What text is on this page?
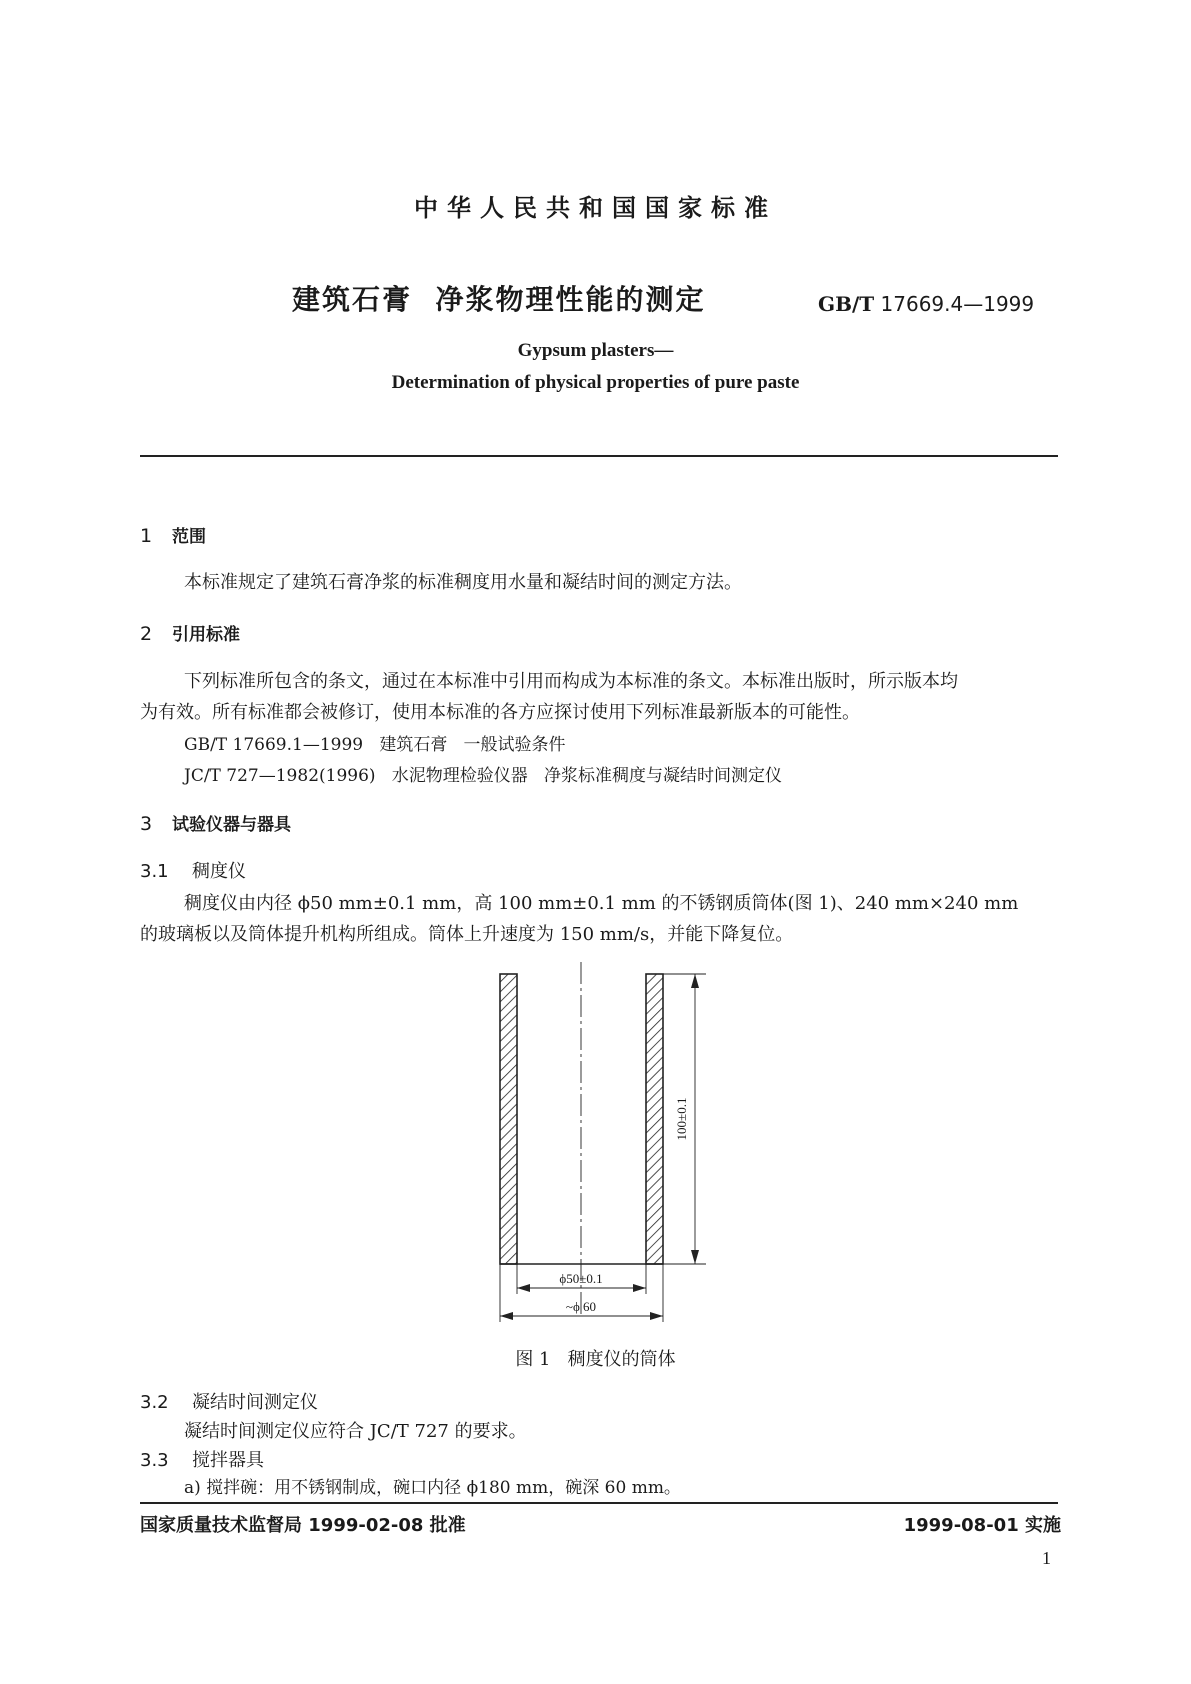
中华人民共和国国家标准
建筑石膏  净浆物理性能的测定	GB/T 17669.4—1999
Gypsum plasters—
Determination of physical properties of pure paste
1 范围
本标准规定了建筑石膏净浆的标准稠度用水量和凝结时间的测定方法。
2 引用标准
下列标准所包含的条文，通过在本标准中引用而构成为本标准的条文。本标准出版时，所示版本均
为有效。所有标准都会被修订，使用本标准的各方应探讨使用下列标准最新版本的可能性。
GB/T 17669.1—1999   建筑石膏   一般试验条件
JC/T 727—1982(1996)   水泥物理检验仪器   净浆标准稠度与凝结时间测定仪
3 试验仪器与器具
3.1 稠度仪
稠度仪由内径 ϕ50 mm±0.1 mm，高 100 mm±0.1 mm 的不锈钢质筒体(图 1)、240 mm×240 mm
的玻璃板以及筒体提升机构所组成。筒体上升速度为 150 mm/s，并能下降复位。
100±0.1
ϕ50±0.1
~ϕ 60
图 1   稠度仪的筒体
3.2 凝结时间测定仪
凝结时间测定仪应符合 JC/T 727 的要求。
3.3 搅拌器具
a) 搅拌碗：用不锈钢制成，碗口内径 ϕ180 mm，碗深 60 mm。
国家质量技术监督局 1999-02-08 批准	1999-08-01 实施
1
